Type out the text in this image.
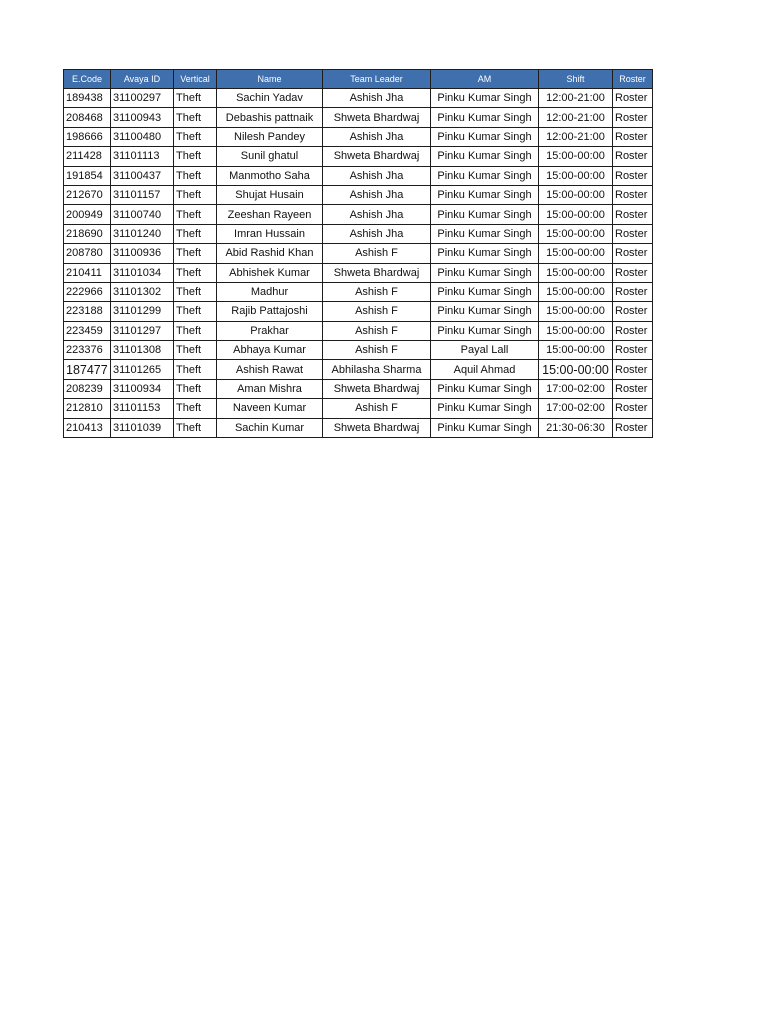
E.Code	Avaya ID	Vertical	Name	Team Leader	AM	Shift	Roster
189438	31100297	Theft	Sachin Yadav	Ashish Jha	Pinku Kumar Singh	12:00-21:00	Roster
208468	31100943	Theft	Debashis pattnaik	Shweta Bhardwaj	Pinku Kumar Singh	12:00-21:00	Roster
198666	31100480	Theft	Nilesh Pandey	Ashish Jha	Pinku Kumar Singh	12:00-21:00	Roster
211428	31101113	Theft	Sunil ghatul	Shweta Bhardwaj	Pinku Kumar Singh	15:00-00:00	Roster
191854	31100437	Theft	Manmotho Saha	Ashish Jha	Pinku Kumar Singh	15:00-00:00	Roster
212670	31101157	Theft	Shujat Husain	Ashish Jha	Pinku Kumar Singh	15:00-00:00	Roster
200949	31100740	Theft	Zeeshan Rayeen	Ashish Jha	Pinku Kumar Singh	15:00-00:00	Roster
218690	31101240	Theft	Imran Hussain	Ashish Jha	Pinku Kumar Singh	15:00-00:00	Roster
208780	31100936	Theft	Abid Rashid Khan	Ashish F	Pinku Kumar Singh	15:00-00:00	Roster
210411	31101034	Theft	Abhishek Kumar	Shweta Bhardwaj	Pinku Kumar Singh	15:00-00:00	Roster
222966	31101302	Theft	Madhur	Ashish F	Pinku Kumar Singh	15:00-00:00	Roster
223188	31101299	Theft	Rajib Pattajoshi	Ashish F	Pinku Kumar Singh	15:00-00:00	Roster
223459	31101297	Theft	Prakhar	Ashish F	Pinku Kumar Singh	15:00-00:00	Roster
223376	31101308	Theft	Abhaya Kumar	Ashish F	Payal Lall	15:00-00:00	Roster
187477	31101265	Theft	Ashish Rawat	Abhilasha Sharma	Aquil Ahmad	15:00-00:00	Roster
208239	31100934	Theft	Aman Mishra	Shweta Bhardwaj	Pinku Kumar Singh	17:00-02:00	Roster
212810	31101153	Theft	Naveen Kumar	Ashish F	Pinku Kumar Singh	17:00-02:00	Roster
210413	31101039	Theft	Sachin Kumar	Shweta Bhardwaj	Pinku Kumar Singh	21:30-06:30	Roster
